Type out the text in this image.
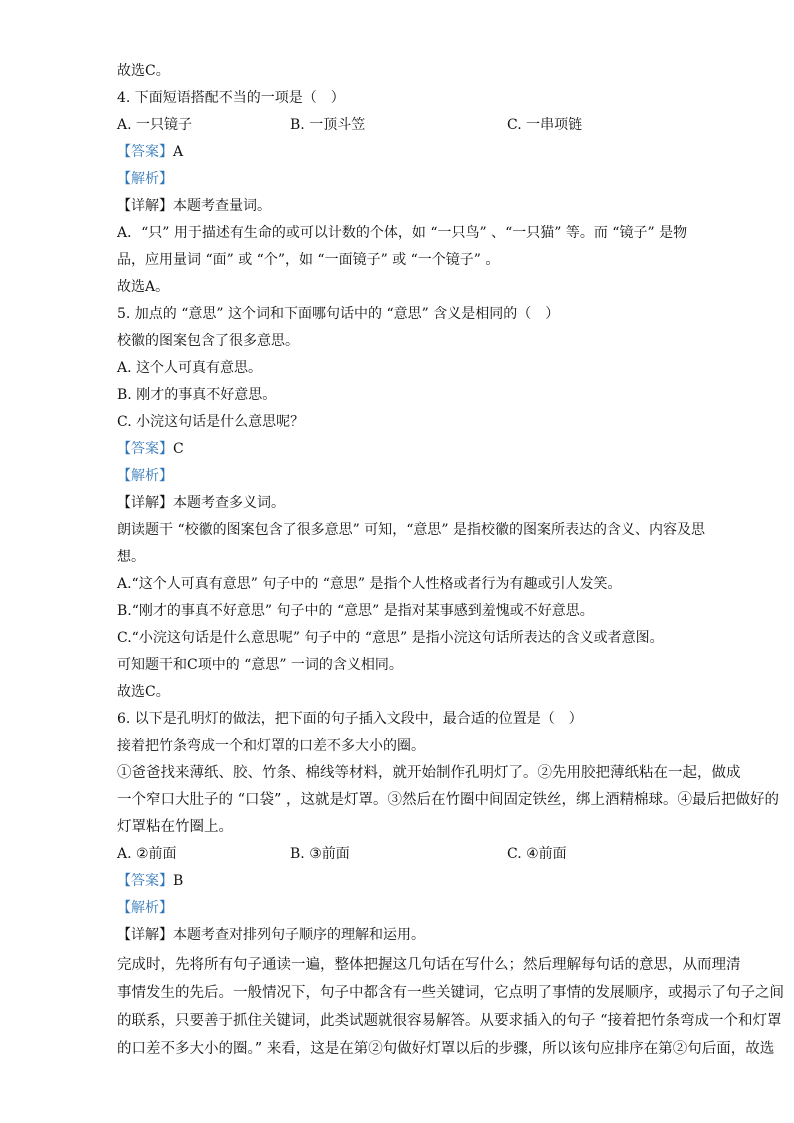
故选C。
4. 下面短语搭配不当的一项是（　）
A. 一只镜子	B. 一顶斗笠	C. 一串项链
【答案】A
【解析】
【详解】本题考查量词。
A．“只” 用于描述有生命的或可以计数的个体，如 “一只鸟” 、“一只猫” 等。而 “镜子” 是物
品，应用量词 “面” 或 “个”，如 “一面镜子” 或 “一个镜子” 。
故选A。
5. 加点的 “意思” 这个词和下面哪句话中的 “意思” 含义是相同的（　）
校徽的图案包含了很多意思。
A. 这个人可真有意思。
B. 刚才的事真不好意思。
C. 小浣这句话是什么意思呢？
【答案】C
【解析】
【详解】本题考查多义词。
朗读题干 “校徽的图案包含了很多意思” 可知，“意思” 是指校徽的图案所表达的含义、内容及思
想。
A.“这个人可真有意思” 句子中的 “意思” 是指个人性格或者行为有趣或引人发笑。
B.“刚才的事真不好意思” 句子中的 “意思” 是指对某事感到羞愧或不好意思。
C.“小浣这句话是什么意思呢” 句子中的 “意思” 是指小浣这句话所表达的含义或者意图。
可知题干和C项中的 “意思” 一词的含义相同。
故选C。
6. 以下是孔明灯的做法，把下面的句子插入文段中，最合适的位置是（　）
接着把竹条弯成一个和灯罩的口差不多大小的圈。
①爸爸找来薄纸、胶、竹条、棉线等材料，就开始制作孔明灯了。②先用胶把薄纸粘在一起，做成
一个窄口大肚子的 “口袋” ，这就是灯罩。③然后在竹圈中间固定铁丝，绑上酒精棉球。④最后把做好的
灯罩粘在竹圈上。
A. ②前面	B. ③前面	C. ④前面
【答案】B
【解析】
【详解】本题考查对排列句子顺序的理解和运用。
完成时，先将所有句子通读一遍，整体把握这几句话在写什么；然后理解每句话的意思，从而理清
事情发生的先后。一般情况下，句子中都含有一些关键词，它点明了事情的发展顺序，或揭示了句子之间
的联系，只要善于抓住关键词，此类试题就很容易解答。从要求插入的句子 “接着把竹条弯成一个和灯罩
的口差不多大小的圈。” 来看，这是在第②句做好灯罩以后的步骤，所以该句应排序在第②句后面，故选
